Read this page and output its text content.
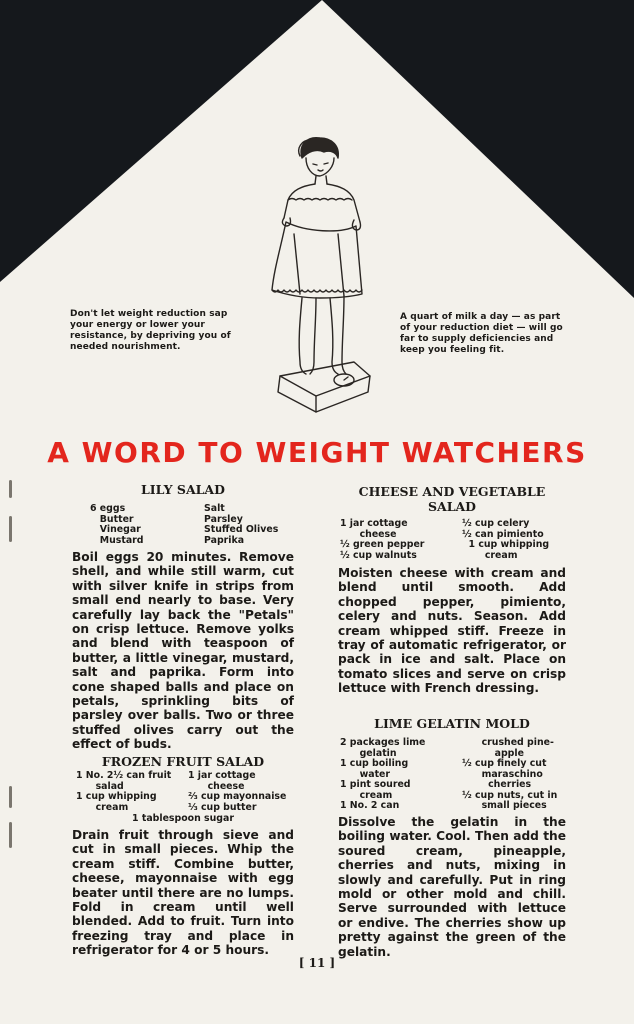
Don't let weight reduction sap your energy or lower your resistance, by depriving you of needed nourishment.
A quart of milk a day — as part of your reduction diet — will go far to supply deficiencies and keep you feeling fit.
A WORD TO WEIGHT WATCHERS
LILY SALAD
6 eggs
Butter
Vinegar
Mustard
Salt
Parsley
Stuffed Olives
Paprika
Boil eggs 20 minutes. Remove shell, and while still warm, cut with silver knife in strips from small end nearly to base. Very carefully lay back the "Petals" on crisp lettuce. Remove yolks and blend with teaspoon of butter, a little vinegar, mustard, salt and paprika. Form into cone shaped balls and place on petals, sprinkling bits of parsley over balls. Two or three stuffed olives carry out the effect of buds.
FROZEN FRUIT SALAD
1 No. 2½ can fruit
salad
1 cup whipping
cream
1 jar cottage
cheese
⅔ cup mayonnaise
⅓ cup butter
1 tablespoon sugar
Drain fruit through sieve and cut in small pieces. Whip the cream stiff. Combine butter, cheese, mayonnaise with egg beater until there are no lumps. Fold in cream until well blended. Add to fruit. Turn into freezing tray and place in refrigerator for 4 or 5 hours.
CHEESE AND VEGETABLE SALAD
1 jar cottage
cheese
½ green pepper
½ cup walnuts
½ cup celery
½ can pimiento
1 cup whipping
cream
Moisten cheese with cream and blend until smooth. Add chopped pepper, pimiento, celery and nuts. Season. Add cream whipped stiff. Freeze in tray of automatic refrigerator, or pack in ice and salt. Place on tomato slices and serve on crisp lettuce with French dressing.
LIME GELATIN MOLD
2 packages lime
gelatin
1 cup boiling
water
1 pint soured
cream
1 No. 2 can
crushed pine-
apple
½ cup finely cut
maraschino
cherries
½ cup nuts, cut in
small pieces
Dissolve the gelatin in the boiling water. Cool. Then add the soured cream, pineapple, cherries and nuts, mixing in slowly and carefully. Put in ring mold or other mold and chill. Serve surrounded with lettuce or endive. The cherries show up pretty against the green of the gelatin.
[ 11 ]
